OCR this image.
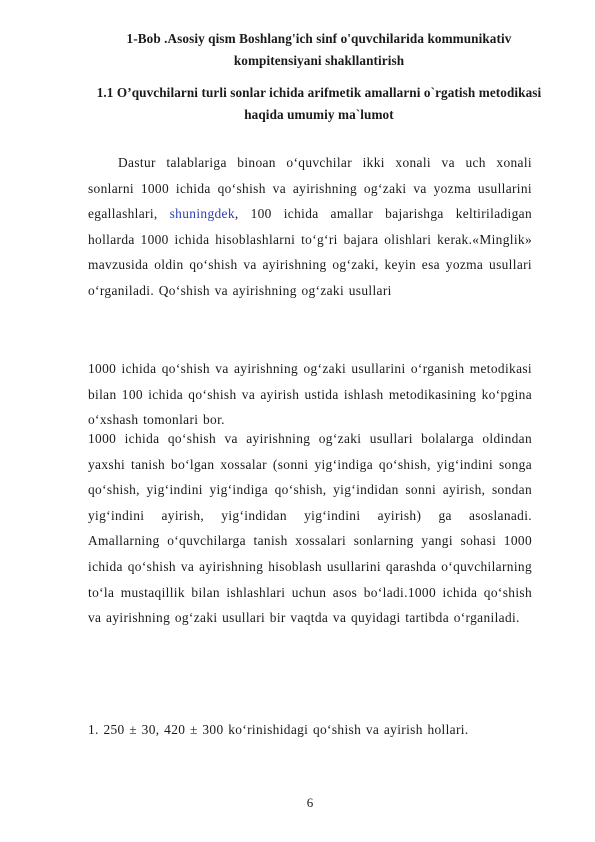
1-Bob .Asosiy qism Boshlang'ich sinf o'quvchilarida kommunikativ kompitensiyani shakllantirish
1.1 O’quvchilarni turli sonlar ichida arifmetik amallarni o`rgatish metodikasi haqida umumiy ma`lumot
Dastur talablariga binoan o‘quvchilar ikki xonali va uch xonali sonlarni 1000 ichida qo‘shish va ayirishning og‘zaki va yozma usullarini egallashlari, shuningdek, 100 ichida amallar bajarishga keltiriladigan hollarda 1000 ichida hisoblashlarni to‘g‘ri bajara olishlari kerak.«Minglik» mavzusida oldin qo‘shish va ayirishning og‘zaki, keyin esa yozma usullari o‘rganiladi. Qo‘shish va ayirishning og‘zaki usullari
1000 ichida qo‘shish va ayirishning og‘zaki usullarini o‘rganish metodikasi bilan 100 ichida qo‘shish va ayirish ustida ishlash metodikasining ko‘pgina o‘xshash tomonlari bor.
1000 ichida qo‘shish va ayirishning og‘zaki usullari bolalarga oldindan yaxshi tanish bo‘lgan xossalar (sonni yig‘indiga qo‘shish, yig‘indini songa qo‘shish, yig‘indini yig‘indiga qo‘shish, yig‘indidan sonni ayirish, sondan yig‘indini ayirish, yig‘indidan yig‘indini ayirish) ga asoslanadi. Amallarning o‘quvchilarga tanish xossalari sonlarning yangi sohasi 1000 ichida qo‘shish va ayirishning hisoblash usullarini qarashda o‘quvchilarning to‘la mustaqillik bilan ishlashlari uchun asos bo‘ladi.1000 ichida qo‘shish va ayirishning og‘zaki usullari bir vaqtda va quyidagi tartibda o‘rganiladi.
1. 250 ± 30, 420 ± 300 ko‘rinishidagi qo‘shish va ayirish hollari.
6
